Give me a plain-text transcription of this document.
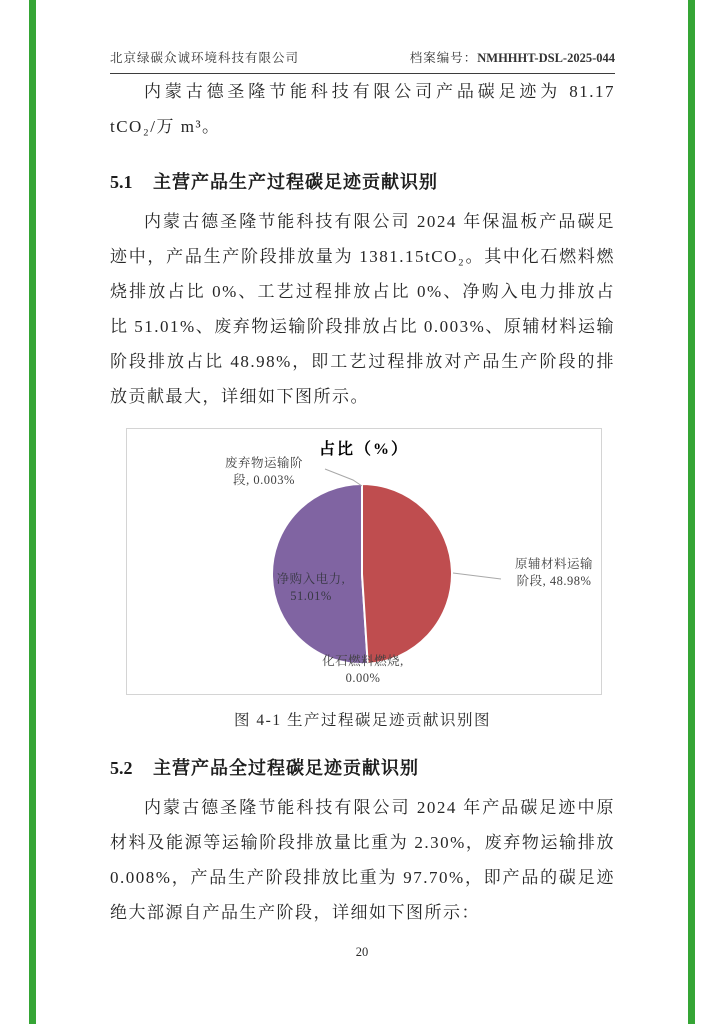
北京绿碳众诚环境科技有限公司	档案编号：NMHHHT-DSL-2025-044

内蒙古德圣隆节能科技有限公司产品碳足迹为 81.17 tCO₂/万 m³。

5.1 主营产品生产过程碳足迹贡献识别

内蒙古德圣隆节能科技有限公司 2024 年保温板产品碳足迹中，产品生产阶段排放量为 1381.15tCO₂。其中化石燃料燃烧排放占比 0%、工艺过程排放占比 0%、净购入电力排放占比 51.01%、废弃物运输阶段排放占比 0.003%、原辅材料运输阶段排放占比 48.98%，即工艺过程排放对产品生产阶段的排放贡献最大，详细如下图所示。

占比（%）
废弃物运输阶
段, 0.003%
原辅材料运输
阶段, 48.98%
净购入电力,
51.01%
化石燃料燃烧,
0.00%
图 4-1 生产过程碳足迹贡献识别图
5.2 主营产品全过程碳足迹贡献识别

内蒙古德圣隆节能科技有限公司 2024 年产品碳足迹中原材料及能源等运输阶段排放量比重为 2.30%，废弃物运输排放 0.008%，产品生产阶段排放比重为 97.70%，即产品的碳足迹绝大部源自产品生产阶段，详细如下图所示：

20
